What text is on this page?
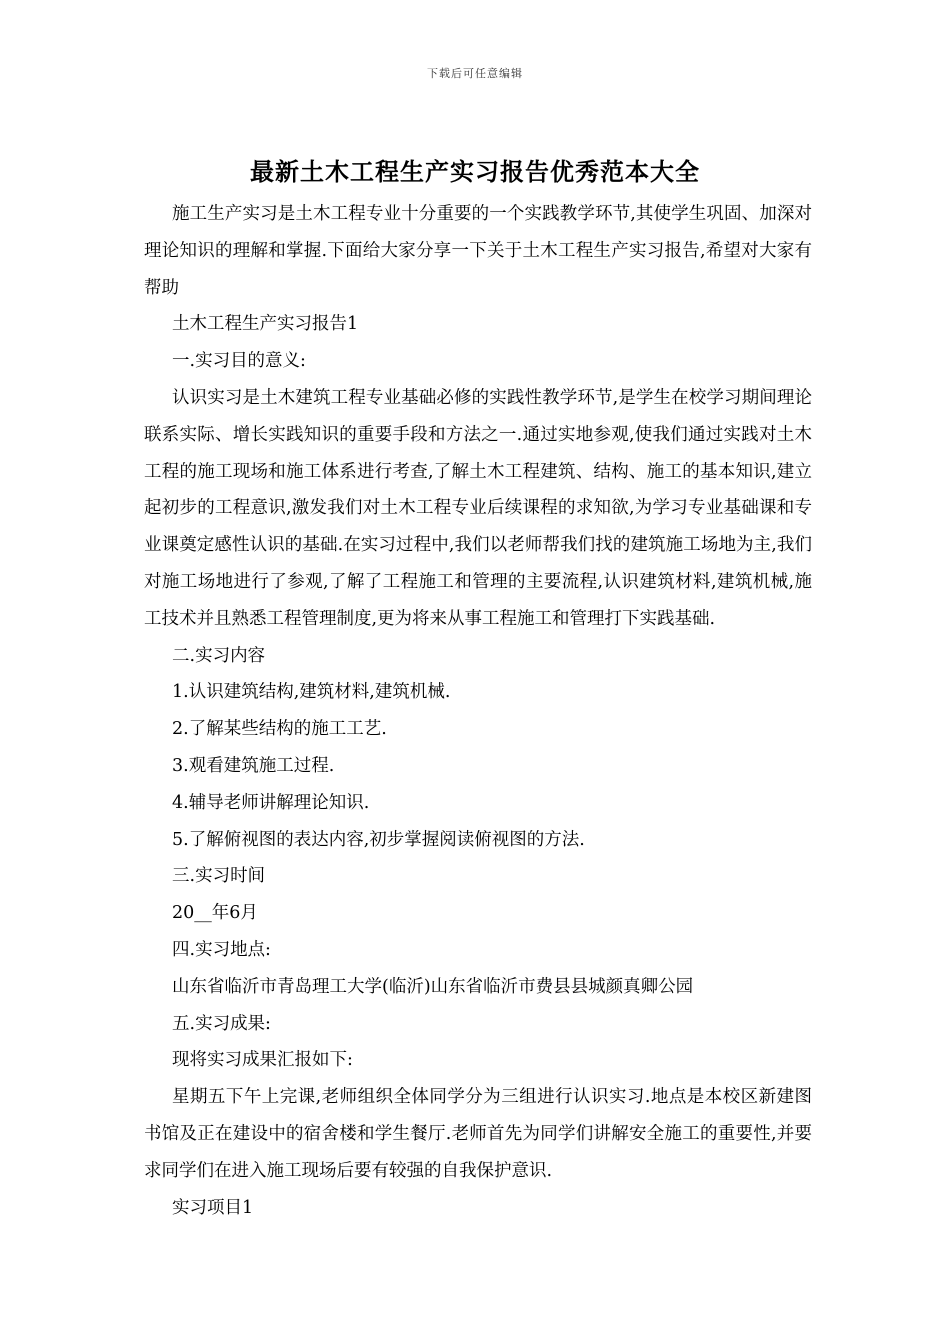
下载后可任意编辑
最新土木工程生产实习报告优秀范本大全

施工生产实习是土木工程专业十分重要的一个实践教学环节,其使学生巩固、加深对理论知识的理解和掌握.下面给大家分享一下关于土木工程生产实习报告,希望对大家有帮助

土木工程生产实习报告1

一.实习目的意义:

认识实习是土木建筑工程专业基础必修的实践性教学环节,是学生在校学习期间理论联系实际、增长实践知识的重要手段和方法之一.通过实地参观,使我们通过实践对土木工程的施工现场和施工体系进行考查,了解土木工程建筑、结构、施工的基本知识,建立起初步的工程意识,激发我们对土木工程专业后续课程的求知欲,为学习专业基础课和专业课奠定感性认识的基础.在实习过程中,我们以老师帮我们找的建筑施工场地为主,我们对施工场地进行了参观,了解了工程施工和管理的主要流程,认识建筑材料,建筑机械,施工技术并且熟悉工程管理制度,更为将来从事工程施工和管理打下实践基础.

二.实习内容

1.认识建筑结构,建筑材料,建筑机械.

2.了解某些结构的施工工艺.

3.观看建筑施工过程.

4.辅导老师讲解理论知识.

5.了解俯视图的表达内容,初步掌握阅读俯视图的方法.

三.实习时间

20__年6月

四.实习地点:

山东省临沂市青岛理工大学(临沂)山东省临沂市费县县城颜真卿公园

五.实习成果:

现将实习成果汇报如下:

星期五下午上完课,老师组织全体同学分为三组进行认识实习.地点是本校区新建图书馆及正在建设中的宿舍楼和学生餐厅.老师首先为同学们讲解安全施工的重要性,并要求同学们在进入施工现场后要有较强的自我保护意识.

实习项目1
